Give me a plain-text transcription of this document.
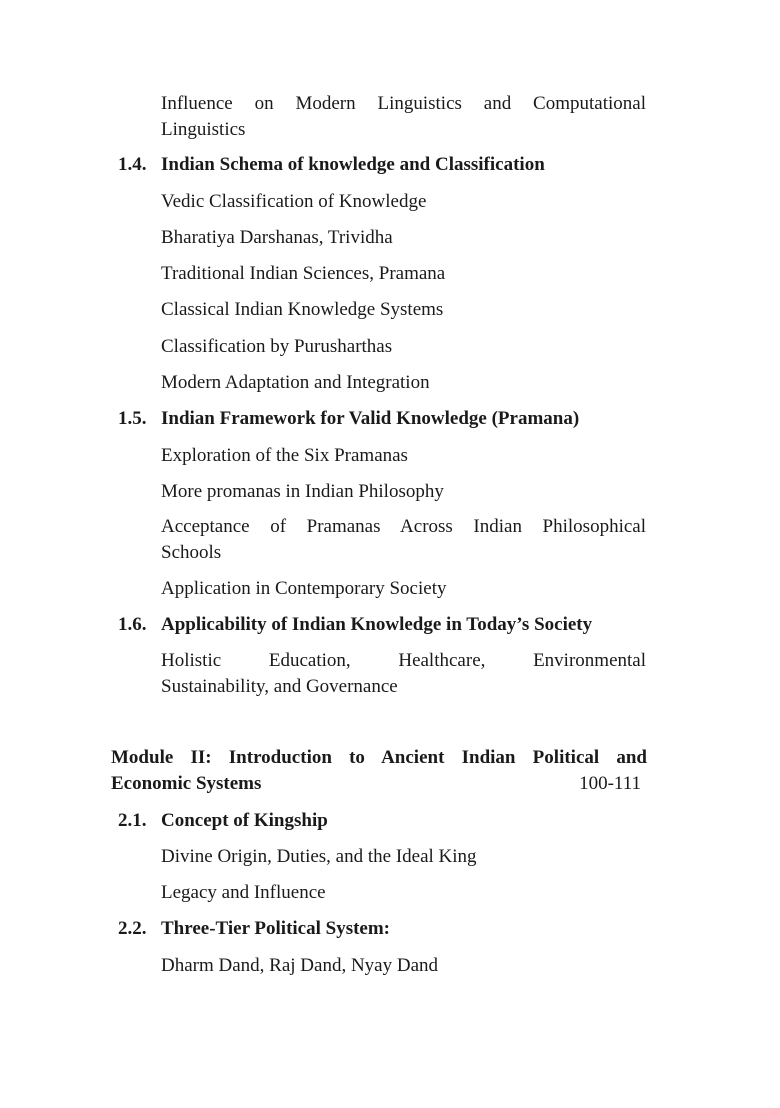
Influence on Modern Linguistics and Computational
Linguistics
1.4. Indian Schema of knowledge and Classification
Vedic Classification of Knowledge
Bharatiya Darshanas, Trividha
Traditional Indian Sciences, Pramana
Classical Indian Knowledge Systems
Classification by Purusharthas
Modern Adaptation and Integration
1.5. Indian Framework for Valid Knowledge (Pramana)
Exploration of the Six Pramanas
More promanas in Indian Philosophy
Acceptance of Pramanas Across Indian Philosophical
Schools
Application in Contemporary Society
1.6. Applicability of Indian Knowledge in Today’s Society
Holistic Education, Healthcare, Environmental
Sustainability, and Governance
Module II: Introduction to Ancient Indian Political and
Economic Systems	100-111
2.1. Concept of Kingship
Divine Origin, Duties, and the Ideal King
Legacy and Influence
2.2. Three-Tier Political System:
Dharm Dand, Raj Dand, Nyay Dand
